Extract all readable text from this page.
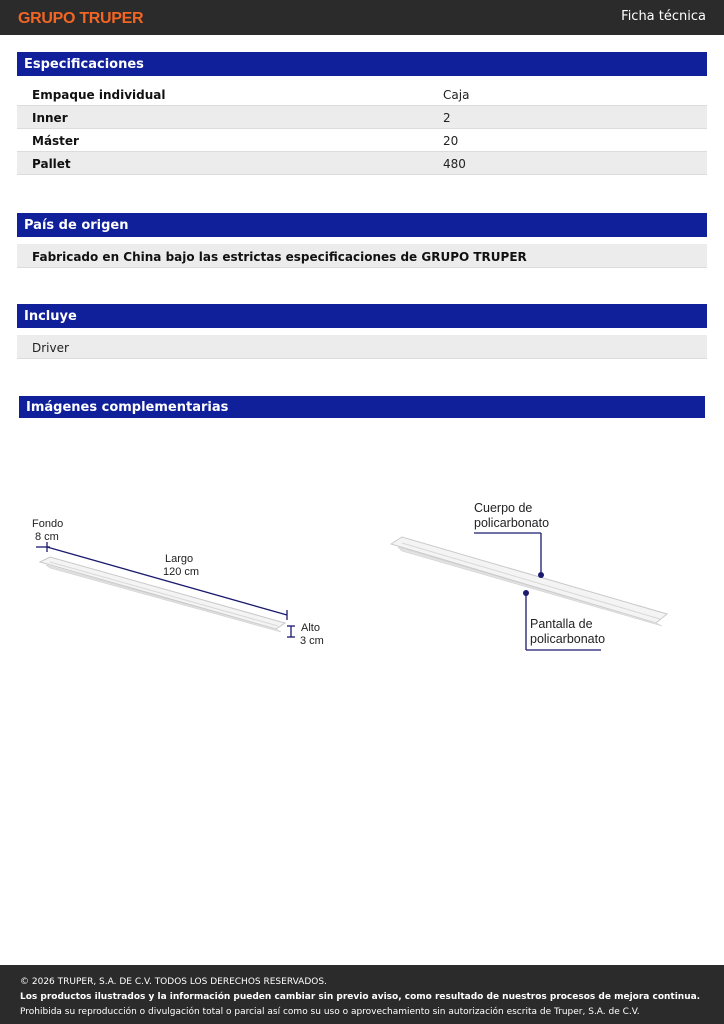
GRUPO TRUPER	Ficha técnica
Especificaciones
Empaque individual	Caja
Inner	2
Máster	20
Pallet	480
País de origen
Fabricado en China bajo las estrictas especificaciones de GRUPO TRUPER
Incluye
Driver
Imágenes complementarias
Fondo
8 cm
Largo
120 cm
Alto
3 cm
Cuerpo de
policarbonato
Pantalla de
policarbonato
© 2026 TRUPER, S.A. DE C.V. TODOS LOS DERECHOS RESERVADOS.
Los productos ilustrados y la información pueden cambiar sin previo aviso, como resultado de nuestros procesos de mejora continua.
Prohibida su reproducción o divulgación total o parcial así como su uso o aprovechamiento sin autorización escrita de Truper, S.A. de C.V.
